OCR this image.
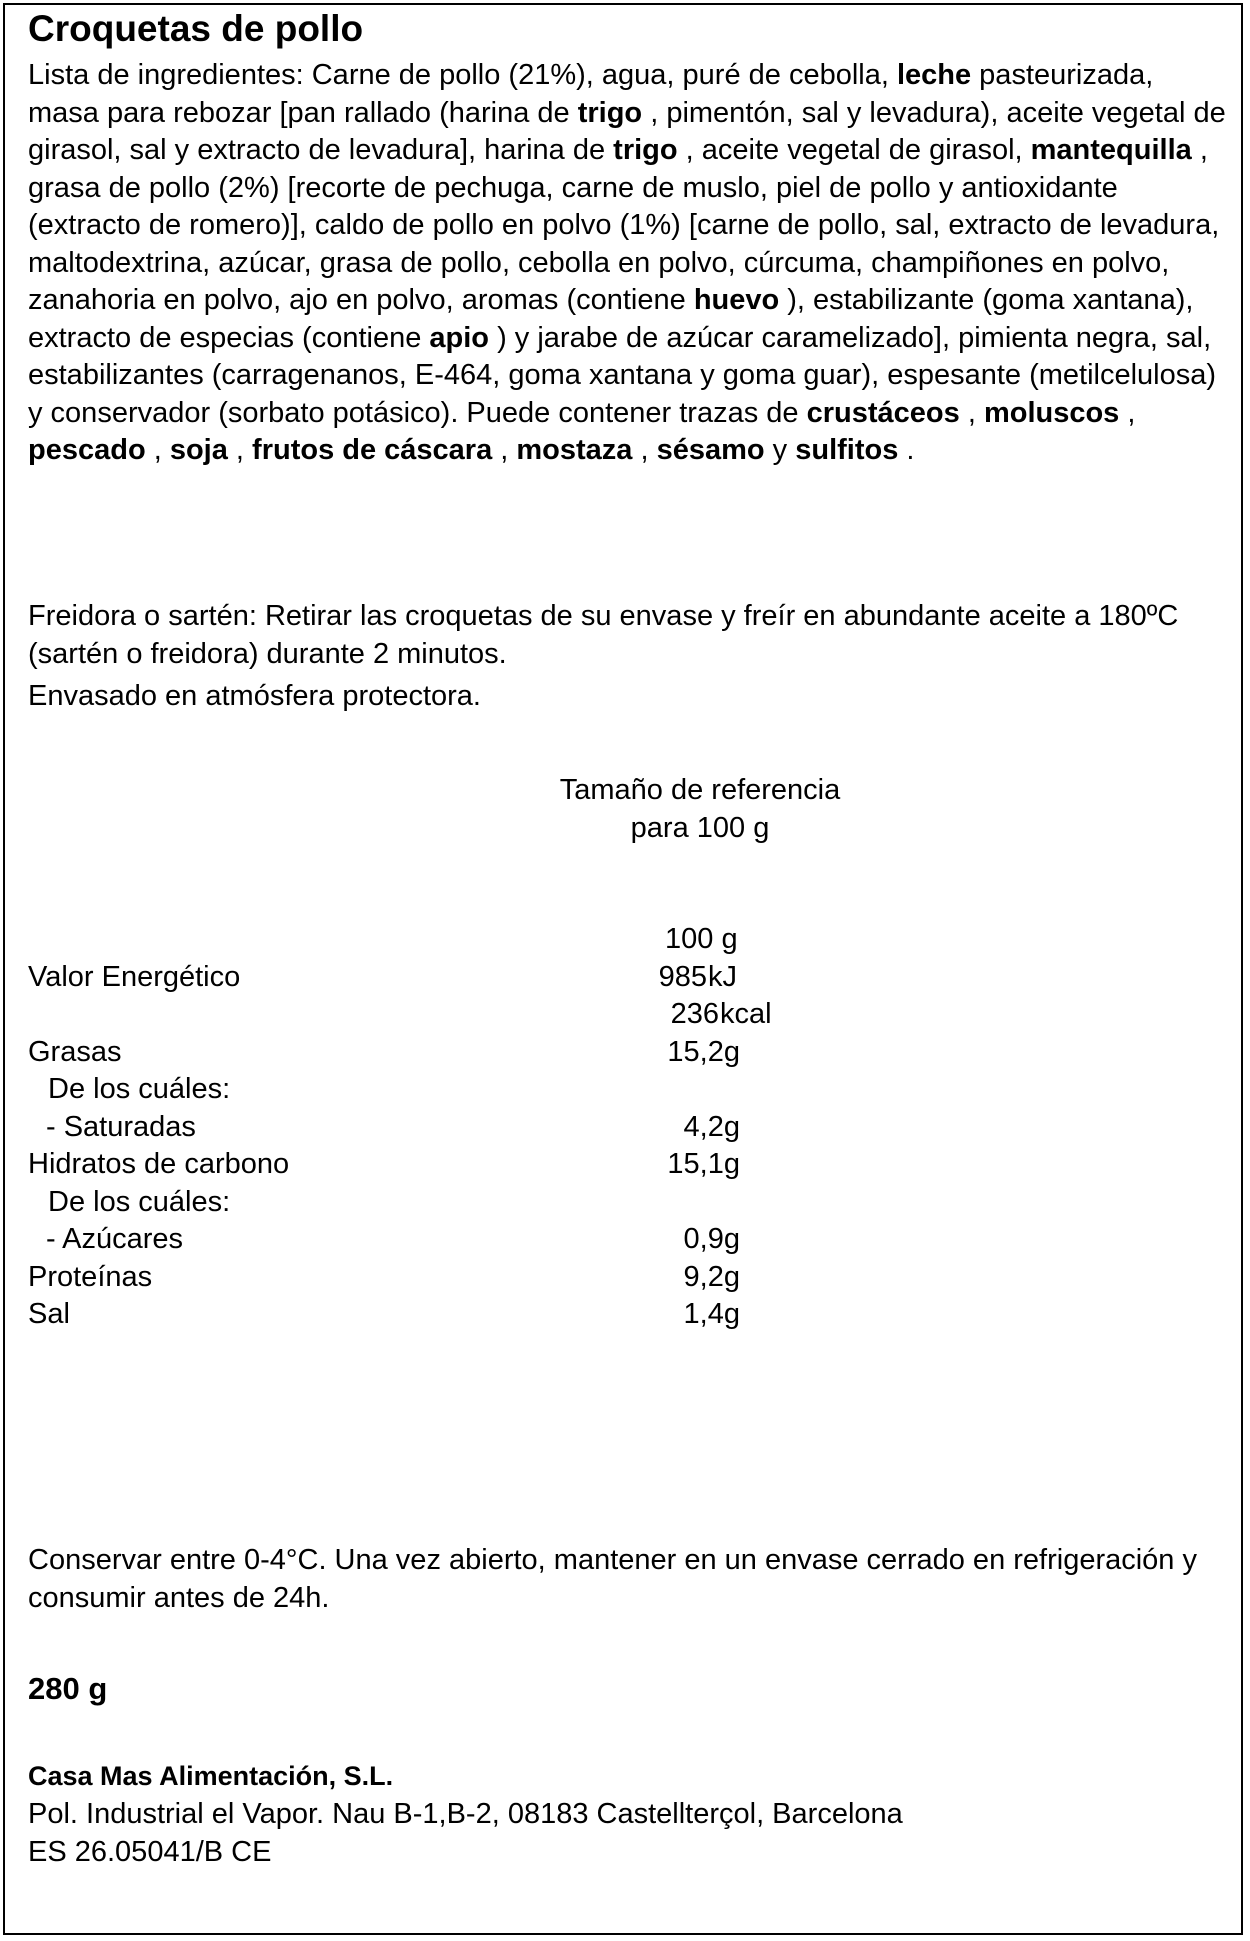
Croquetas de pollo
Lista de ingredientes: Carne de pollo (21%), agua, puré de cebolla, leche pasteurizada, masa para rebozar [pan rallado (harina de trigo , pimentón, sal y levadura), aceite vegetal de girasol, sal y extracto de levadura], harina de trigo , aceite vegetal de girasol, mantequilla , grasa de pollo (2%) [recorte de pechuga, carne de muslo, piel de pollo y antioxidante (extracto de romero)], caldo de pollo en polvo (1%) [carne de pollo, sal, extracto de levadura, maltodextrina, azúcar, grasa de pollo, cebolla en polvo, cúrcuma, champiñones en polvo, zanahoria en polvo, ajo en polvo, aromas (contiene huevo ), estabilizante (goma xantana), extracto de especias (contiene apio ) y jarabe de azúcar caramelizado], pimienta negra, sal, estabilizantes (carragenanos, E-464, goma xantana y goma guar), espesante (metilcelulosa) y conservador (sorbato potásico). Puede contener trazas de crustáceos , moluscos , pescado , soja , frutos de cáscara , mostaza , sésamo y sulfitos .
Freidora o sartén: Retirar las croquetas de su envase y freír en abundante aceite a 180ºC (sartén o freidora) durante 2 minutos.
Envasado en atmósfera protectora.
Tamaño de referencia
para 100 g
100 g
Valor Energético	985 kJ
236 kcal
Grasas	15,2g
De los cuáles:
- Saturadas	4,2g
Hidratos de carbono	15,1g
De los cuáles:
- Azúcares	0,9g
Proteínas	9,2g
Sal	1,4g
Conservar entre 0-4°C. Una vez abierto, mantener en un envase cerrado en refrigeración y consumir antes de 24h.
280 g
Casa Mas Alimentación, S.L.
Pol. Industrial el Vapor. Nau B-1,B-2, 08183 Castellterçol, Barcelona
ES 26.05041/B CE
